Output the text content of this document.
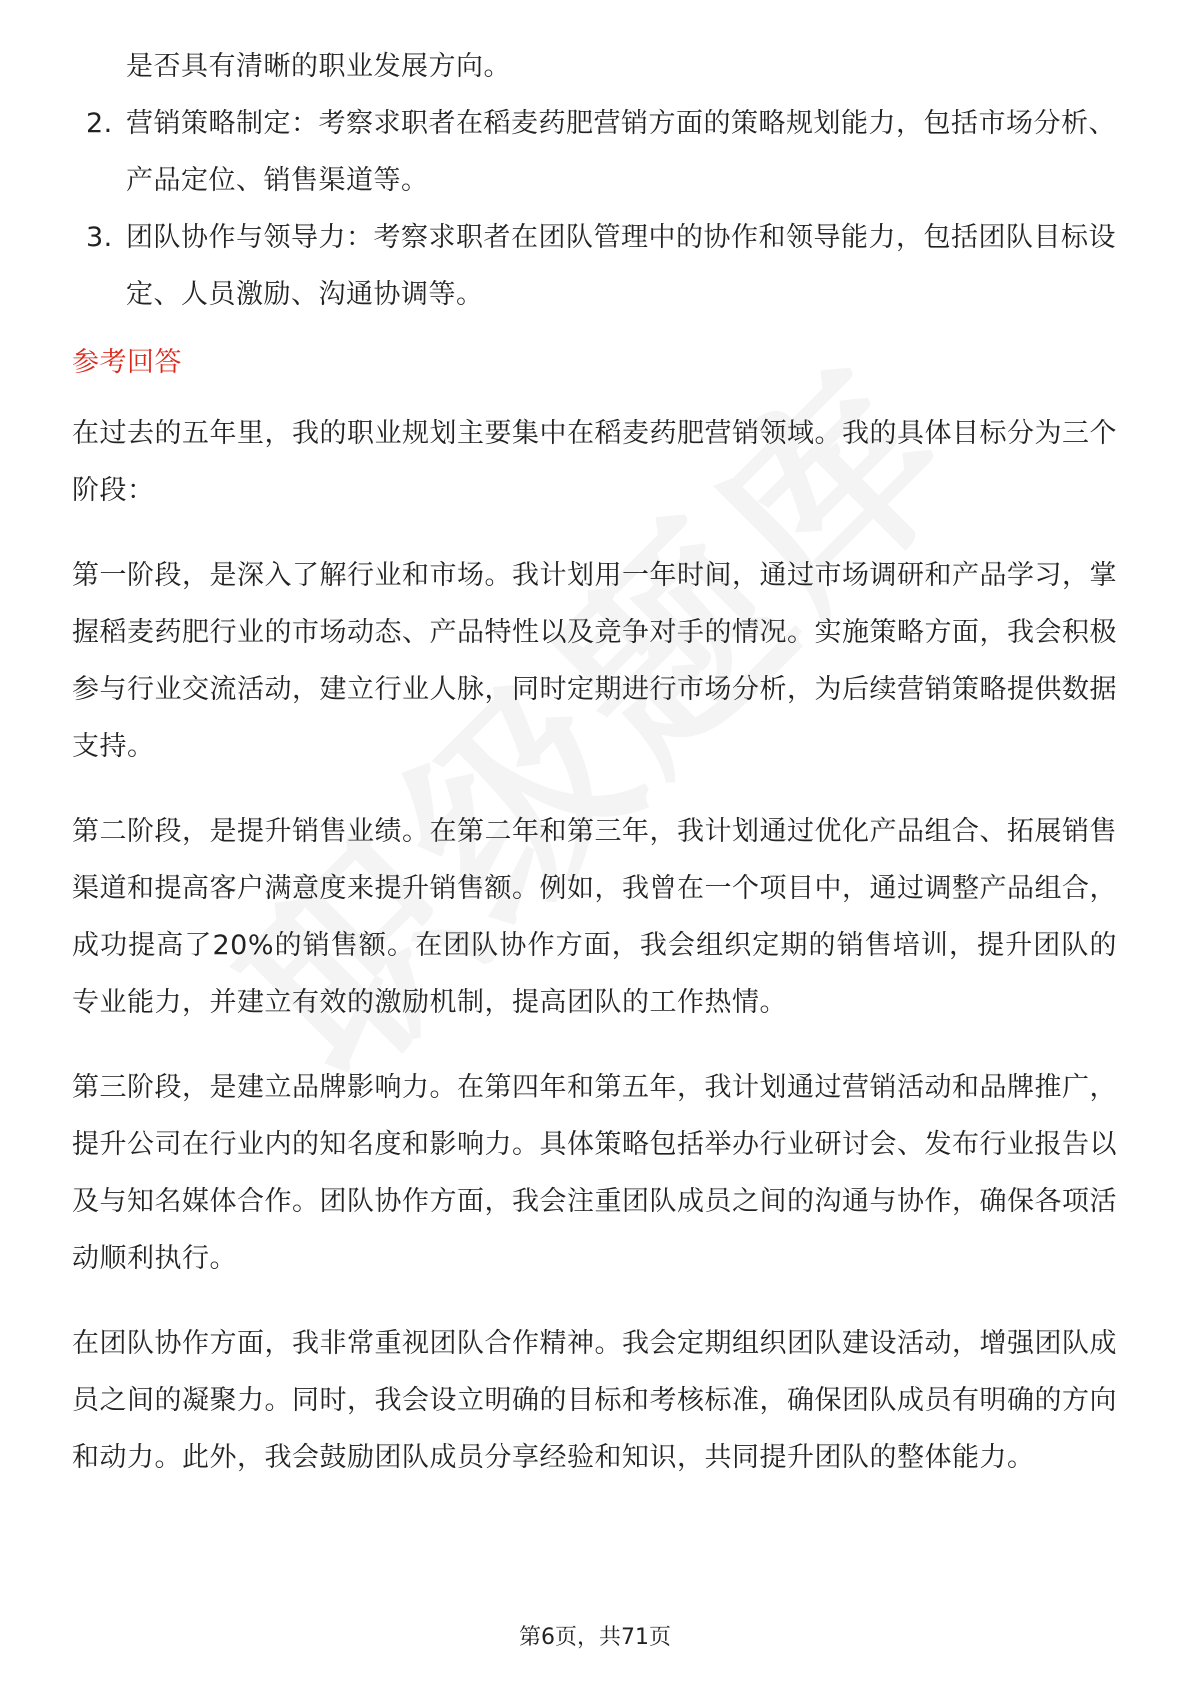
是否具有清晰的职业发展方向。

2. 营销策略制定：考察求职者在稻麦药肥营销方面的策略规划能力，包括市场分析、产品定位、销售渠道等。
3. 团队协作与领导力：考察求职者在团队管理中的协作和领导能力，包括团队目标设定、人员激励、沟通协调等。
参考回答

在过去的五年里，我的职业规划主要集中在稻麦药肥营销领域。我的具体目标分为三个阶段：

第一阶段，是深入了解行业和市场。我计划用一年时间，通过市场调研和产品学习，掌握稻麦药肥行业的市场动态、产品特性以及竞争对手的情况。实施策略方面，我会积极参与行业交流活动，建立行业人脉，同时定期进行市场分析，为后续营销策略提供数据支持。

第二阶段，是提升销售业绩。在第二年和第三年，我计划通过优化产品组合、拓展销售渠道和提高客户满意度来提升销售额。例如，我曾在一个项目中，通过调整产品组合，成功提高了20%的销售额。在团队协作方面，我会组织定期的销售培训，提升团队的专业能力，并建立有效的激励机制，提高团队的工作热情。

第三阶段，是建立品牌影响力。在第四年和第五年，我计划通过营销活动和品牌推广，提升公司在行业内的知名度和影响力。具体策略包括举办行业研讨会、发布行业报告以及与知名媒体合作。团队协作方面，我会注重团队成员之间的沟通与协作，确保各项活动顺利执行。

在团队协作方面，我非常重视团队合作精神。我会定期组织团队建设活动，增强团队成员之间的凝聚力。同时，我会设立明确的目标和考核标准，确保团队成员有明确的方向和动力。此外，我会鼓励团队成员分享经验和知识，共同提升团队的整体能力。

第6页，共71页
